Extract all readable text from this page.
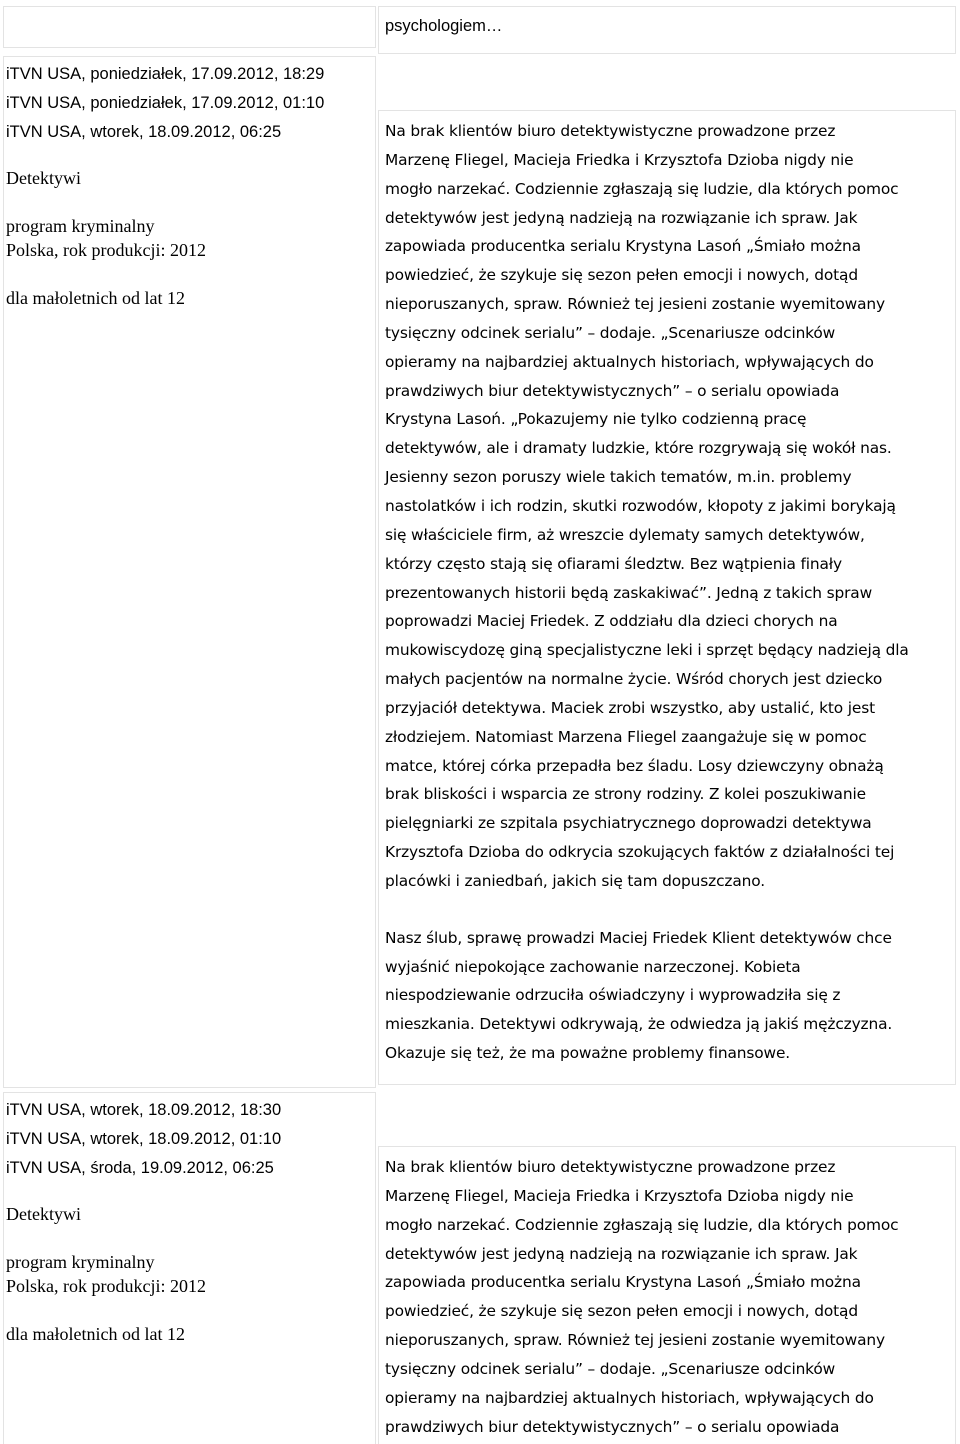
psychologiem…
iTVN USA, poniedziałek, 17.09.2012, 18:29
iTVN USA, poniedziałek, 17.09.2012, 01:10
iTVN USA, wtorek, 18.09.2012, 06:25
Detektywi
program kryminalny
Polska, rok produkcji: 2012
dla małoletnich od lat 12
Na brak klientów biuro detektywistyczne prowadzone przez
Marzenę Fliegel, Macieja Friedka i Krzysztofa Dzioba nigdy nie
mogło narzekać. Codziennie zgłaszają się ludzie, dla których pomoc
detektywów jest jedyną nadzieją na rozwiązanie ich spraw. Jak
zapowiada producentka serialu Krystyna Lasoń „Śmiało można
powiedzieć, że szykuje się sezon pełen emocji i nowych, dotąd
nieporuszanych, spraw. Również tej jesieni zostanie wyemitowany
tysięczny odcinek serialu” – dodaje. „Scenariusze odcinków
opieramy na najbardziej aktualnych historiach, wpływających do
prawdziwych biur detektywistycznych” – o serialu opowiada
Krystyna Lasoń. „Pokazujemy nie tylko codzienną pracę
detektywów, ale i dramaty ludzkie, które rozgrywają się wokół nas.
Jesienny sezon poruszy wiele takich tematów, m.in. problemy
nastolatków i ich rodzin, skutki rozwodów, kłopoty z jakimi borykają
się właściciele firm, aż wreszcie dylematy samych detektywów,
którzy często stają się ofiarami śledztw. Bez wątpienia finały
prezentowanych historii będą zaskakiwać”. Jedną z takich spraw
poprowadzi Maciej Friedek. Z oddziału dla dzieci chorych na
mukowiscydozę giną specjalistyczne leki i sprzęt będący nadzieją dla
małych pacjentów na normalne życie. Wśród chorych jest dziecko
przyjaciół detektywa. Maciek zrobi wszystko, aby ustalić, kto jest
złodziejem. Natomiast Marzena Fliegel zaangażuje się w pomoc
matce, której córka przepadła bez śladu. Losy dziewczyny obnażą
brak bliskości i wsparcia ze strony rodziny. Z kolei poszukiwanie
pielęgniarki ze szpitala psychiatrycznego doprowadzi detektywa
Krzysztofa Dzioba do odkrycia szokujących faktów z działalności tej
placówki i zaniedbań, jakich się tam dopuszczano.
Nasz ślub, sprawę prowadzi Maciej Friedek Klient detektywów chce
wyjaśnić niepokojące zachowanie narzeczonej. Kobieta
niespodziewanie odrzuciła oświadczyny i wyprowadziła się z
mieszkania. Detektywi odkrywają, że odwiedza ją jakiś mężczyzna.
Okazuje się też, że ma poważne problemy finansowe.
iTVN USA, wtorek, 18.09.2012, 18:30
iTVN USA, wtorek, 18.09.2012, 01:10
iTVN USA, środa, 19.09.2012, 06:25
Detektywi
program kryminalny
Polska, rok produkcji: 2012
dla małoletnich od lat 12
Na brak klientów biuro detektywistyczne prowadzone przez
Marzenę Fliegel, Macieja Friedka i Krzysztofa Dzioba nigdy nie
mogło narzekać. Codziennie zgłaszają się ludzie, dla których pomoc
detektywów jest jedyną nadzieją na rozwiązanie ich spraw. Jak
zapowiada producentka serialu Krystyna Lasoń „Śmiało można
powiedzieć, że szykuje się sezon pełen emocji i nowych, dotąd
nieporuszanych, spraw. Również tej jesieni zostanie wyemitowany
tysięczny odcinek serialu” – dodaje. „Scenariusze odcinków
opieramy na najbardziej aktualnych historiach, wpływających do
prawdziwych biur detektywistycznych” – o serialu opowiada
